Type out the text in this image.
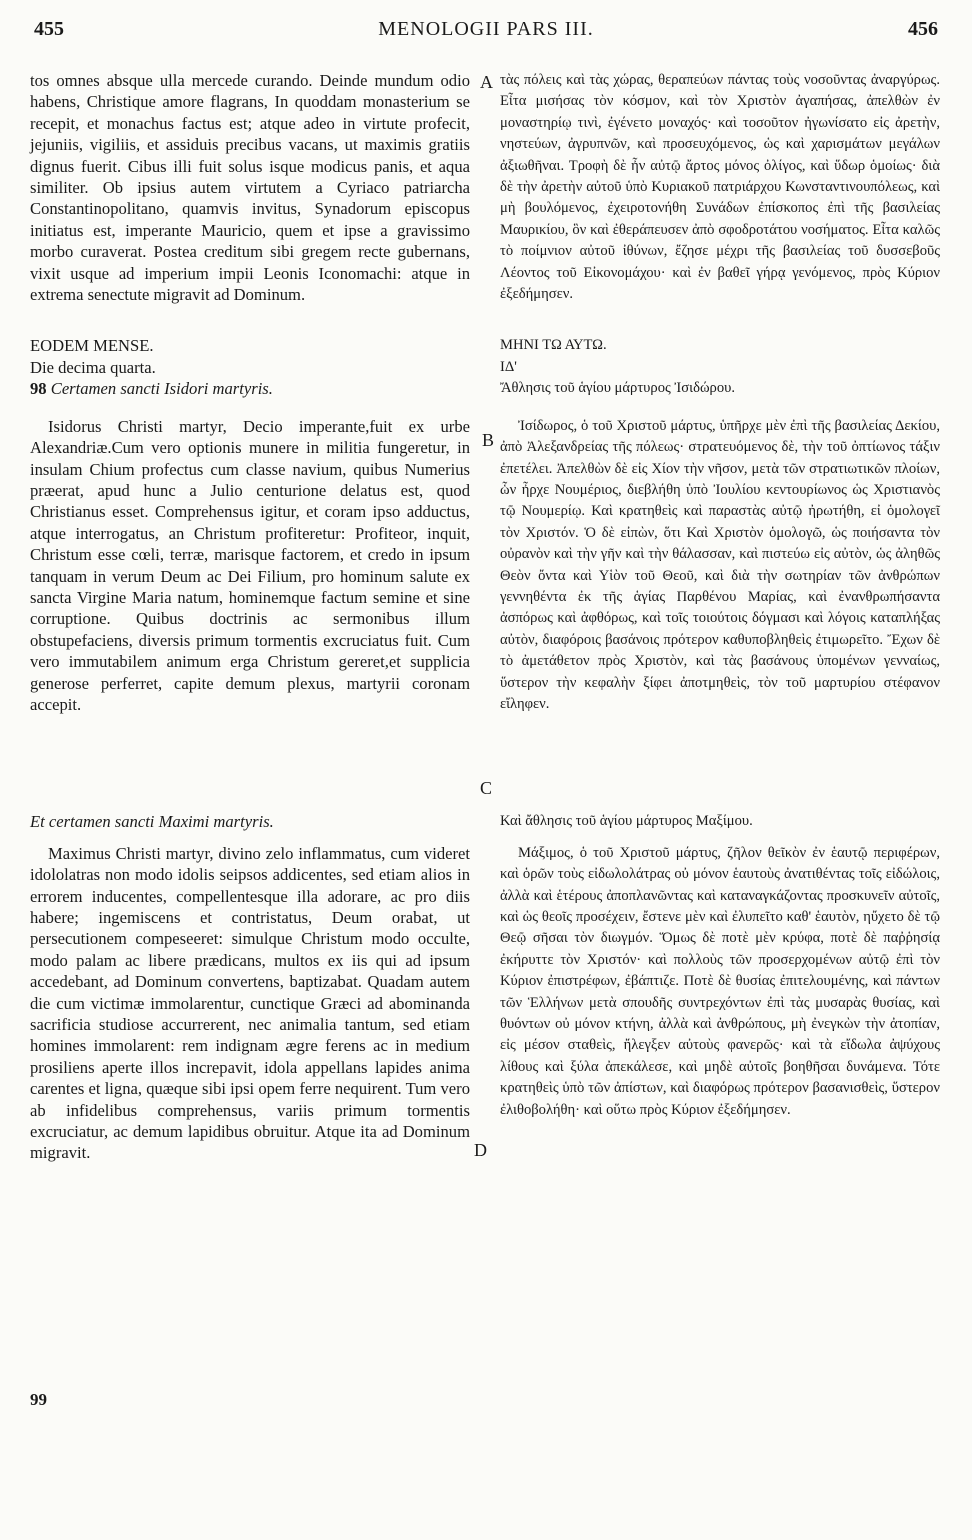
455	MENOLOGII PARS III.	456
A
B
C
D

tos omnes absque ulla mercede curando. Deinde mundum odio habens, Christique amore flagrans, In quoddam monasterium se recepit, et monachus factus est; atque adeo in virtute profecit, jejuniis, vigiliis, et assiduis precibus vacans, ut maximis gratiis dignus fuerit. Cibus illi fuit solus isque modicus panis, et aqua similiter. Ob ipsius autem virtutem a Cyriaco patriarcha Constantinopolitano, quamvis invitus, Synadorum episcopus initiatus est, imperante Mauricio, quem et ipse a gravissimo morbo curaverat. Postea creditum sibi gregem recte gubernans, vixit usque ad imperium impii Leonis Iconomachi: atque in extrema senectute migravit ad Dominum.

EODEM MENSE.

Die decima quarta.

98 Certamen sancti Isidori martyris.

Isidorus Christi martyr, Decio imperante,fuit ex urbe Alexandriæ.Cum vero optionis munere in militia fungeretur, in insulam Chium profectus cum classe navium, quibus Numerius præerat, apud hunc a Julio centurione delatus est, quod Christianus esset. Comprehensus igitur, et coram ipso adductus, atque interrogatus, an Christum profiteretur: Profiteor, inquit, Christum esse cœli, terræ, marisque factorem, et credo in ipsum tanquam in verum Deum ac Dei Filium, pro hominum salute ex sancta Virgine Maria natum, hominemque factum semine et sine corruptione. Quibus doctrinis ac sermonibus illum obstupefaciens, diversis primum tormentis excruciatus fuit. Cum vero immutabilem animum erga Christum gereret,et supplicia generose perferret, capite demum plexus, martyrii coronam accepit.

Et certamen sancti Maximi martyris.

Maximus Christi martyr, divino zelo inflammatus, cum videret idololatras non modo idolis seipsos addicentes, sed etiam alios in errorem inducentes, compellentesque illa adorare, ac pro diis habere; ingemiscens et contristatus, Deum orabat, ut persecutionem compeseeret: simulque Christum modo occulte, modo palam ac libere prædicans, multos ex iis qui ad ipsum accedebant, ad Dominum convertens, baptizabat. Quadam autem die cum victimæ immolarentur, cunctique Græci ad abominanda sacrificia studiose accurrerent, nec animalia tantum, sed etiam homines immolarent: rem indignam ægre ferens ac in medium prosiliens aperte illos increpavit, idola appellans lapides anima carentes et ligna, quæque sibi ipsi opem ferre nequirent. Tum vero ab infidelibus comprehensus, variis primum tormentis excruciatur, ac demum lapidibus obruitur. Atque ita ad Dominum migravit.

99

τὰς πόλεις καὶ τὰς χώρας, θεραπεύων πάντας τοὺς νοσοῦντας ἀναργύρως. Εἶτα μισήσας τὸν κόσμον, καὶ τὸν Χριστὸν ἀγαπήσας, ἀπελθὼν ἐν μοναστηρίῳ τινὶ, ἐγένετο μοναχός· καὶ τοσοῦτον ἠγωνίσατο εἰς ἀρετὴν, νηστεύων, ἀγρυπνῶν, καὶ προσευχόμενος, ὡς καὶ χαρισμάτων μεγάλων ἀξιωθῆναι. Τροφὴ δὲ ἦν αὐτῷ ἄρτος μόνος ὀλίγος, καὶ ὕδωρ ὁμοίως· διὰ δὲ τὴν ἀρετὴν αὐτοῦ ὑπὸ Κυριακοῦ πατριάρχου Κωνσταντινουπόλεως, καὶ μὴ βουλόμενος, ἐχειροτονήθη Συνάδων ἐπίσκοπος ἐπὶ τῆς βασιλείας Μαυρικίου, ὃν καὶ ἐθεράπευσεν ἀπὸ σφοδροτάτου νοσήματος. Εἶτα καλῶς τὸ ποίμνιον αὐτοῦ ἰθύνων, ἔζησε μέχρι τῆς βασιλείας τοῦ δυσσεβοῦς Λέοντος τοῦ Εἰκονομάχου· καὶ ἐν βαθεῖ γήρᾳ γενόμενος, πρὸς Κύριον ἐξεδήμησεν.

ΜΗΝΙ ΤΩ ΑΥΤΩ.

ΙΔ'

Ἄθλησις τοῦ ἁγίου μάρτυρος Ἰσιδώρου.

Ἰσίδωρος, ὁ τοῦ Χριστοῦ μάρτυς, ὑπῆρχε μὲν ἐπὶ τῆς βασιλείας Δεκίου, ἀπὸ Ἀλεξανδρείας τῆς πόλεως· στρατευόμενος δὲ, τὴν τοῦ ὀπτίωνος τάξιν ἐπετέλει. Ἀπελθὼν δὲ εἰς Χίον τὴν νῆσον, μετὰ τῶν στρατιωτικῶν πλοίων, ὧν ἦρχε Νουμέριος, διεβλήθη ὑπὸ Ἰουλίου κεντουρίωνος ὡς Χριστιανὸς τῷ Νουμερίῳ. Καὶ κρατηθεὶς καὶ παραστὰς αὐτῷ ἠρωτήθη, εἰ ὁμολογεῖ τὸν Χριστόν. Ὁ δὲ εἰπὼν, ὅτι Καὶ Χριστὸν ὁμολογῶ, ὡς ποιήσαντα τὸν οὐρανὸν καὶ τὴν γῆν καὶ τὴν θάλασσαν, καὶ πιστεύω εἰς αὐτὸν, ὡς ἀληθῶς Θεὸν ὄντα καὶ Υἱὸν τοῦ Θεοῦ, καὶ διὰ τὴν σωτηρίαν τῶν ἀνθρώπων γεννηθέντα ἐκ τῆς ἁγίας Παρθένου Μαρίας, καὶ ἐνανθρωπήσαντα ἀσπόρως καὶ ἀφθόρως, καὶ τοῖς τοιούτοις δόγμασι καὶ λόγοις καταπλήξας αὐτὸν, διαφόροις βασάνοις πρότερον καθυποβληθεὶς ἐτιμωρεῖτο. Ἔχων δὲ τὸ ἀμετάθετον πρὸς Χριστὸν, καὶ τὰς βασάνους ὑπομένων γενναίως, ὕστερον τὴν κεφαλὴν ξίφει ἀποτμηθεὶς, τὸν τοῦ μαρτυρίου στέφανον εἴληφεν.

Καὶ ἄθλησις τοῦ ἁγίου μάρτυρος Μαξίμου.

Μάξιμος, ὁ τοῦ Χριστοῦ μάρτυς, ζῆλον θεῖκὸν ἐν ἑαυτῷ περιφέρων, καὶ ὁρῶν τοὺς εἰδωλολάτρας οὐ μόνον ἑαυτοὺς ἀνατιθέντας τοῖς εἰδώλοις, ἀλλὰ καὶ ἑτέρους ἀποπλανῶντας καὶ καταναγκάζοντας προσκυνεῖν αὐτοῖς, καὶ ὡς θεοῖς προσέχειν, ἔστενε μὲν καὶ ἐλυπεῖτο καθ' ἑαυτὸν, ηὔχετο δὲ τῷ Θεῷ σῆσαι τὸν διωγμόν. Ὅμως δὲ ποτὲ μὲν κρύφα, ποτὲ δὲ παῤῥησίᾳ ἐκήρυττε τὸν Χριστόν· καὶ πολλοὺς τῶν προσερχομένων αὐτῷ ἐπὶ τὸν Κύριον ἐπιστρέφων, ἐβάπτιζε. Ποτὲ δὲ θυσίας ἐπιτελουμένης, καὶ πάντων τῶν Ἑλλήνων μετὰ σπουδῆς συντρεχόντων ἐπὶ τὰς μυσαρὰς θυσίας, καὶ θυόντων οὐ μόνον κτήνη, ἀλλὰ καὶ ἀνθρώπους, μὴ ἐνεγκὼν τὴν ἀτοπίαν, εἰς μέσον σταθεὶς, ἤλεγξεν αὐτοὺς φανερῶς· καὶ τὰ εἴδωλα ἀψύχους λίθους καὶ ξύλα ἀπεκάλεσε, καὶ μηδὲ αὐτοῖς βοηθῆσαι δυνάμενα. Τότε κρατηθεὶς ὑπὸ τῶν ἀπίστων, καὶ διαφόρως πρότερον βασανισθεὶς, ὕστερον ἐλιθοβολήθη· καὶ οὕτω πρὸς Κύριον ἐξεδήμησεν.
